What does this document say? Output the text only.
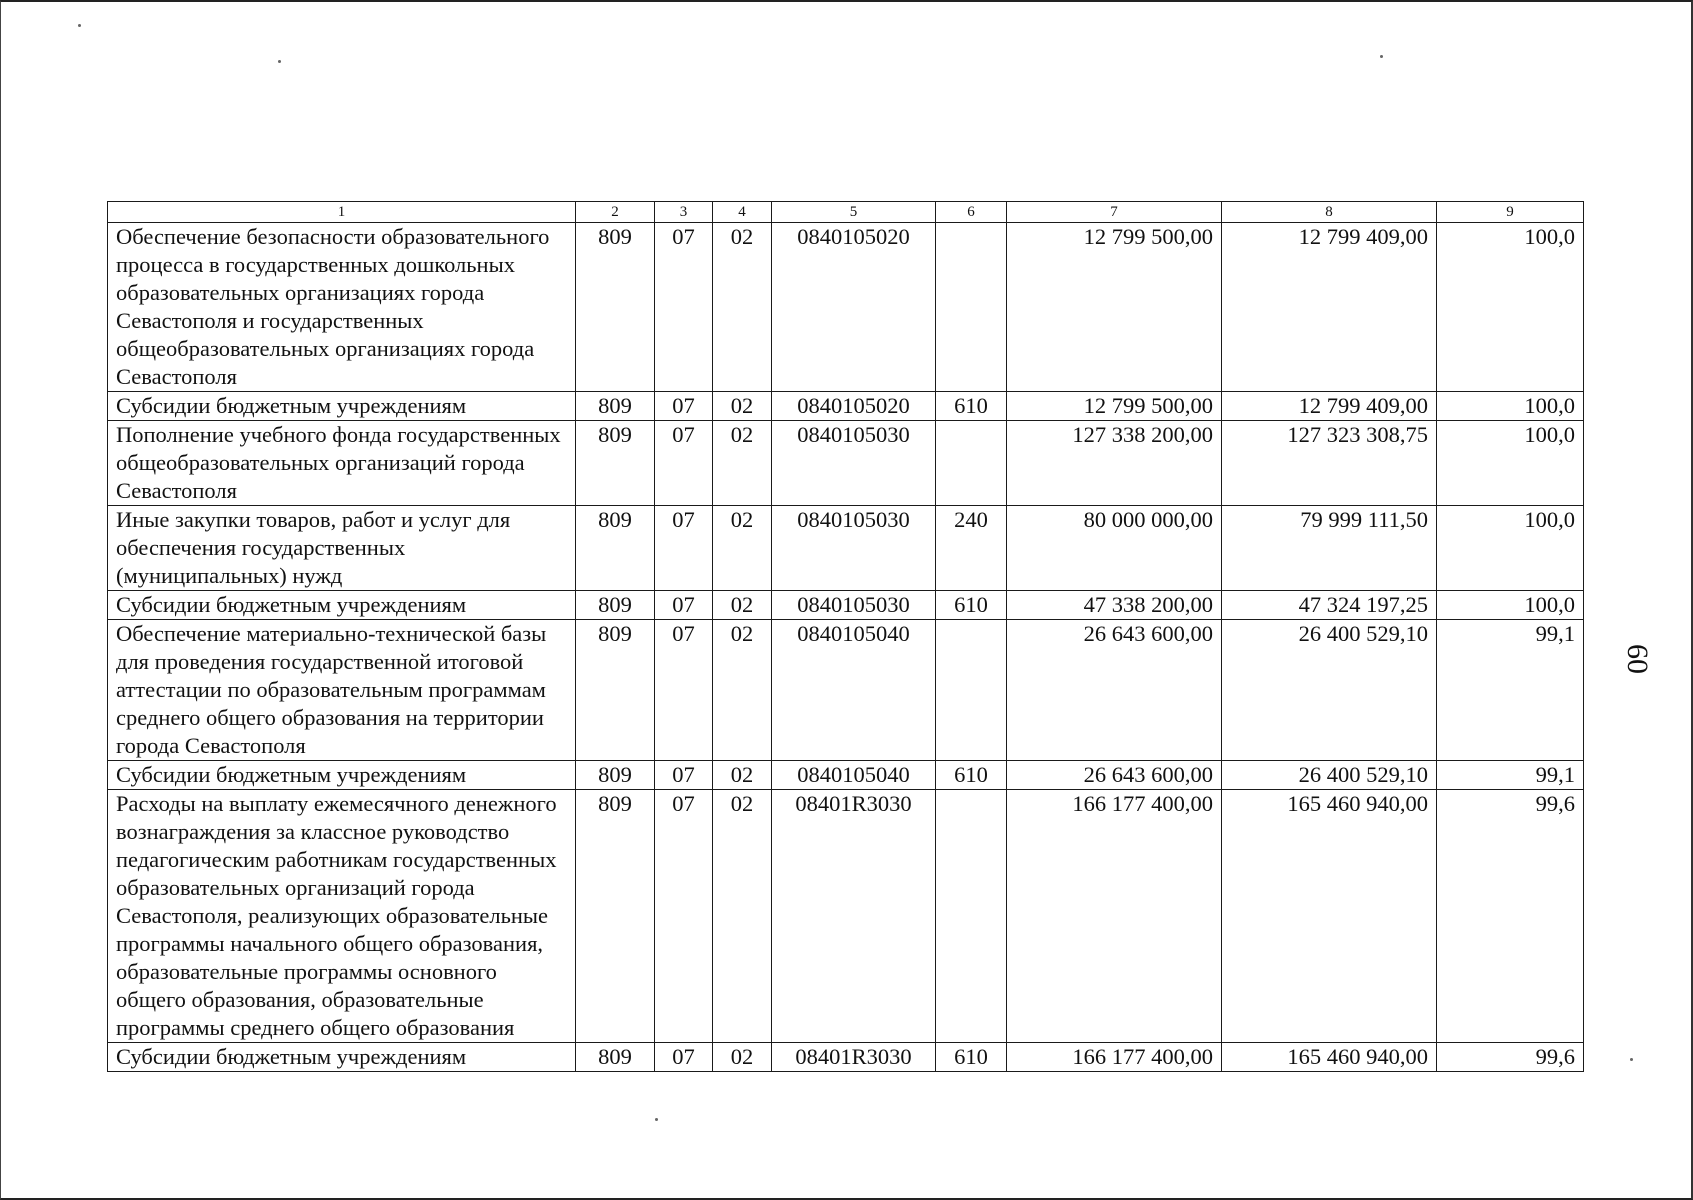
1	2	3	4	5	6	7	8	9
Обеспечение безопасности образовательного процесса в государственных дошкольных образовательных организациях города Севастополя и государственных общеобразовательных организациях города Севастополя	809	07	02	0840105020		12 799 500,00	12 799 409,00	100,0
Субсидии бюджетным учреждениям	809	07	02	0840105020	610	12 799 500,00	12 799 409,00	100,0
Пополнение учебного фонда государственных общеобразовательных организаций города Севастополя	809	07	02	0840105030		127 338 200,00	127 323 308,75	100,0
Иные закупки товаров, работ и услуг для обеспечения государственных (муниципальных) нужд	809	07	02	0840105030	240	80 000 000,00	79 999 111,50	100,0
Субсидии бюджетным учреждениям	809	07	02	0840105030	610	47 338 200,00	47 324 197,25	100,0
Обеспечение материально-технической базы для проведения государственной итоговой аттестации по образовательным программам среднего общего образования на территории города Севастополя	809	07	02	0840105040		26 643 600,00	26 400 529,10	99,1
Субсидии бюджетным учреждениям	809	07	02	0840105040	610	26 643 600,00	26 400 529,10	99,1
Расходы на выплату ежемесячного денежного вознаграждения за классное руководство педагогическим работникам государственных образовательных организаций города Севастополя, реализующих образовательные программы начального общего образования, образовательные программы основного общего образования, образовательные программы среднего общего образования	809	07	02	08401R3030		166 177 400,00	165 460 940,00	99,6
Субсидии бюджетным учреждениям	809	07	02	08401R3030	610	166 177 400,00	165 460 940,00	99,6
60
